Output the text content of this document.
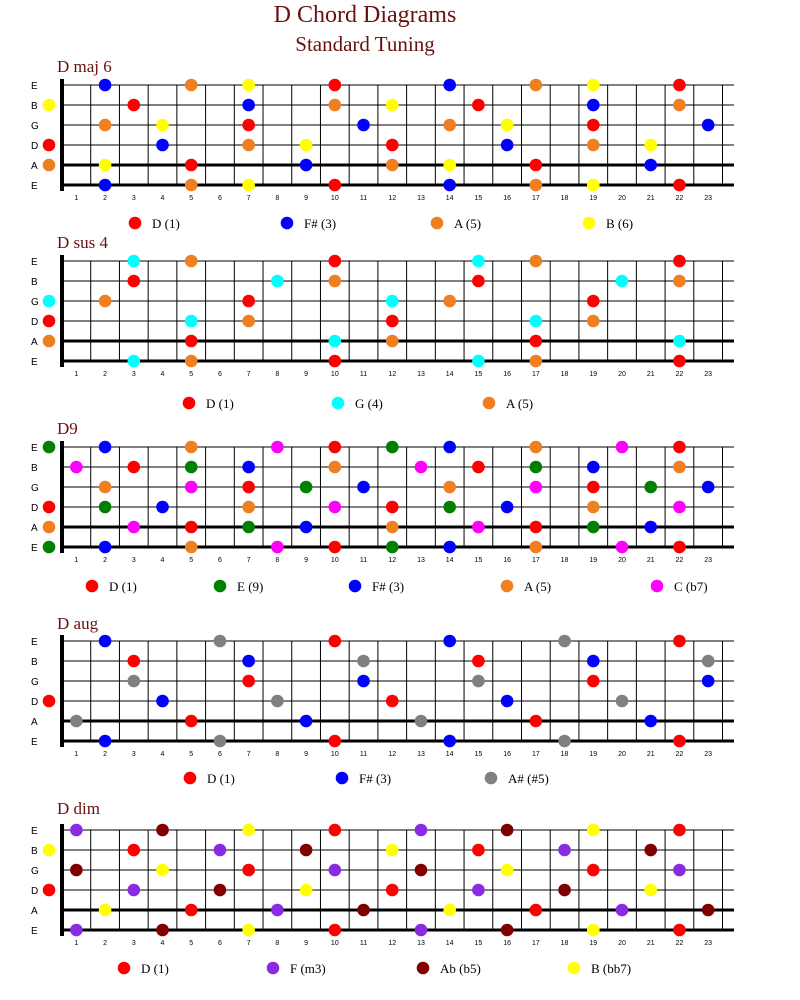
D Chord Diagrams
Standard Tuning
D maj 6
E
B
G
D
A
E
1	2	3	4	5	6	7	8	9	10	11	12	13	14	15	16	17	18	19	20	21	22	23
D (1)	F# (3)	A (5)	B (6)
D sus 4
E
B
G
D
A
E
1	2	3	4	5	6	7	8	9	10	11	12	13	14	15	16	17	18	19	20	21	22	23
D (1)	G (4)	A (5)
D9
E
B
G
D
A
E
1	2	3	4	5	6	7	8	9	10	11	12	13	14	15	16	17	18	19	20	21	22	23
D (1)	E (9)	F# (3)	A (5)	C (b7)
D aug
E
B
G
D
A
E
1	2	3	4	5	6	7	8	9	10	11	12	13	14	15	16	17	18	19	20	21	22	23
D (1)	F# (3)	A# (#5)
D dim
E
B
G
D
A
E
1	2	3	4	5	6	7	8	9	10	11	12	13	14	15	16	17	18	19	20	21	22	23
D (1)	F (m3)	Ab (b5)	B (bb7)
